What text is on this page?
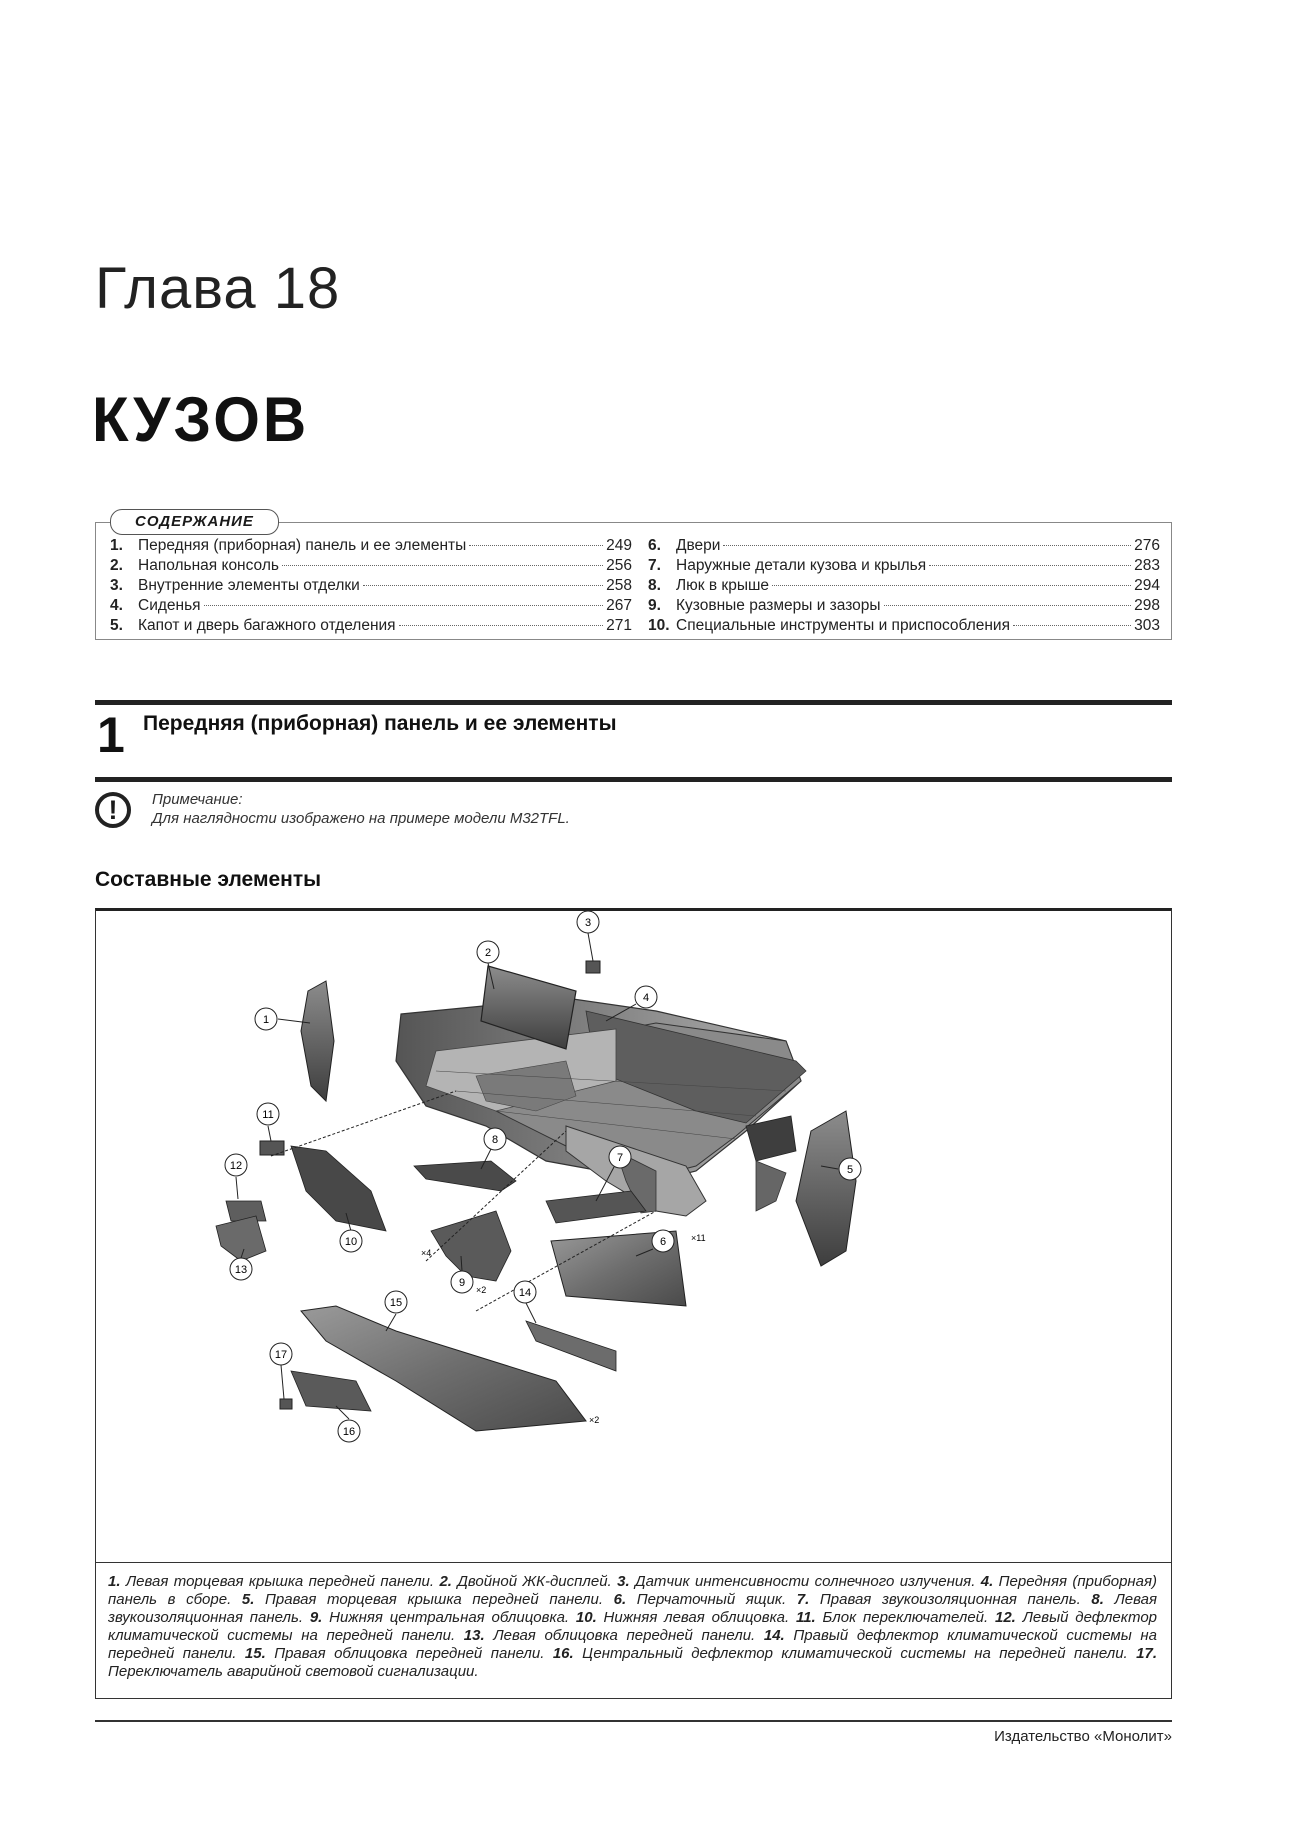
Глава 18
КУЗОВ
СОДЕРЖАНИЕ
1. Передняя (приборная) панель и ее элементы	249
2. Напольная консоль	256
3. Внутренние элементы отделки	258
4. Сиденья	267
5. Капот и дверь багажного отделения	271
6. Двери	276
7. Наружные детали кузова и крылья	283
8. Люк в крыше	294
9. Кузовные размеры и зазоры	298
10. Специальные инструменты и приспособления	303
1 Передняя (приборная) панель и ее элементы
!	Примечание:
Для наглядности изображено на примере модели M32TFL.
Составные элементы
1
2
3
4
5
6
7
8
9
10
11
12
13
14
15
16
17
×11
×4
×2
×2
1. Левая торцевая крышка передней панели. 2. Двойной ЖК-дисплей. 3. Датчик интенсивности солнечного излучения. 4. Передняя (приборная) панель в сборе. 5. Правая торцевая крышка передней панели. 6. Перчаточный ящик. 7. Правая звукоизоляционная панель. 8. Левая звукоизоляционная панель. 9. Нижняя центральная облицовка. 10. Нижняя левая облицовка. 11. Блок переключателей. 12. Левый дефлектор климатической системы на передней панели. 13. Левая облицовка передней панели. 14. Правый дефлектор климатической системы на передней панели. 15. Правая облицовка передней панели. 16. Центральный дефлектор климатической системы на передней панели. 17. Переключатель аварийной световой сигнализации.
Издательство «Монолит»
